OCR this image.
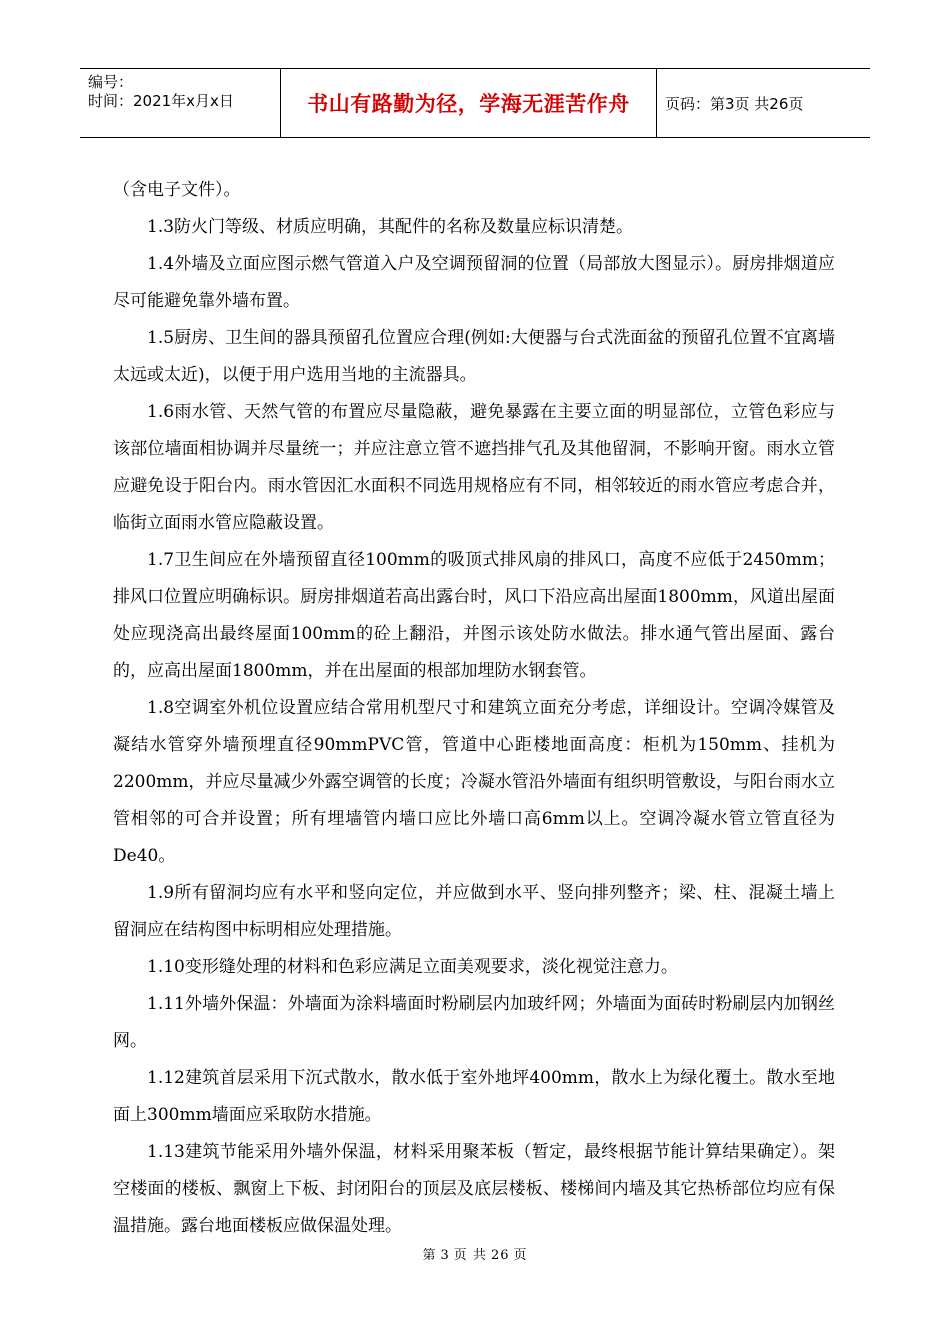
编号：
时间：2021年x月x日	书山有路勤为径，学海无涯苦作舟	页码：第3页 共26页

（含电子文件）。

1.3防火门等级、材质应明确，其配件的名称及数量应标识清楚。

1.4外墙及立面应图示燃气管道入户及空调预留洞的位置（局部放大图显示）。厨房排烟道应尽可能避免靠外墙布置。

1.5厨房、卫生间的器具预留孔位置应合理(例如:大便器与台式洗面盆的预留孔位置不宜离墙太远或太近)，以便于用户选用当地的主流器具。

1.6雨水管、天然气管的布置应尽量隐蔽，避免暴露在主要立面的明显部位，立管色彩应与该部位墙面相协调并尽量统一；并应注意立管不遮挡排气孔及其他留洞，不影响开窗。雨水立管应避免设于阳台内。雨水管因汇水面积不同选用规格应有不同，相邻较近的雨水管应考虑合并，临街立面雨水管应隐蔽设置。

1.7卫生间应在外墙预留直径100mm的吸顶式排风扇的排风口，高度不应低于2450mm；排风口位置应明确标识。厨房排烟道若高出露台时，风口下沿应高出屋面1800mm，风道出屋面处应现浇高出最终屋面100mm的砼上翻沿，并图示该处防水做法。排水通气管出屋面、露台的，应高出屋面1800mm，并在出屋面的根部加埋防水钢套管。

1.8空调室外机位设置应结合常用机型尺寸和建筑立面充分考虑，详细设计。空调冷媒管及凝结水管穿外墙预埋直径90mmPVC管，管道中心距楼地面高度：柜机为150mm、挂机为2200mm，并应尽量减少外露空调管的长度；冷凝水管沿外墙面有组织明管敷设，与阳台雨水立管相邻的可合并设置；所有埋墙管内墙口应比外墙口高6mm以上。空调冷凝水管立管直径为De40。

1.9所有留洞均应有水平和竖向定位，并应做到水平、竖向排列整齐；梁、柱、混凝土墙上留洞应在结构图中标明相应处理措施。

1.10变形缝处理的材料和色彩应满足立面美观要求，淡化视觉注意力。

1.11外墙外保温：外墙面为涂料墙面时粉刷层内加玻纤网；外墙面为面砖时粉刷层内加钢丝网。

1.12建筑首层采用下沉式散水，散水低于室外地坪400mm，散水上为绿化覆土。散水至地面上300mm墙面应采取防水措施。

1.13建筑节能采用外墙外保温，材料采用聚苯板（暂定，最终根据节能计算结果确定）。架空楼面的楼板、飘窗上下板、封闭阳台的顶层及底层楼板、楼梯间内墙及其它热桥部位均应有保温措施。露台地面楼板应做保温处理。

第 3 页 共 26 页
